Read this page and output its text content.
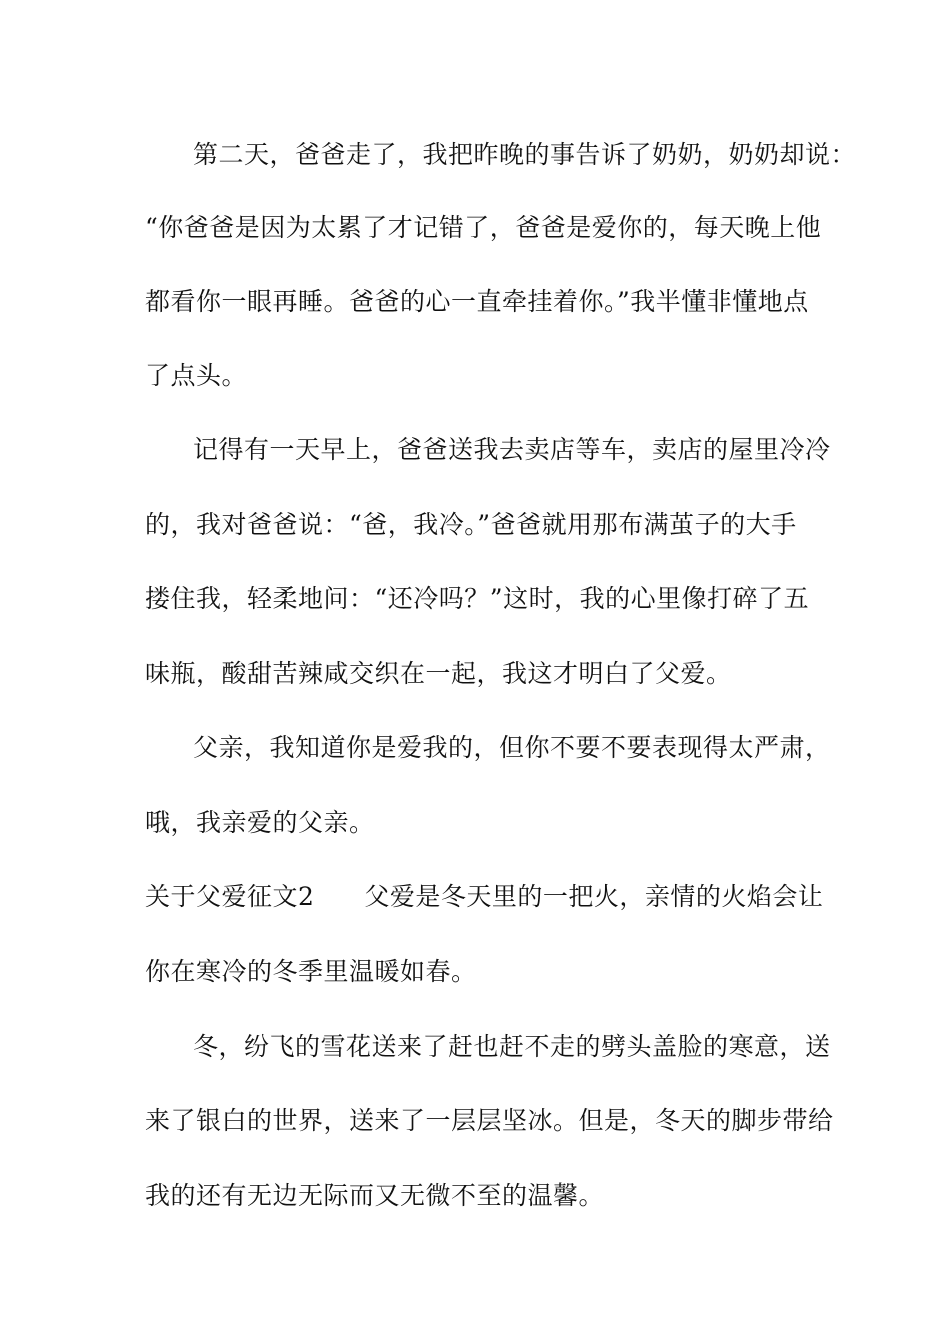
第二天，爸爸走了，我把昨晚的事告诉了奶奶，奶奶却说：
“你爸爸是因为太累了才记错了，爸爸是爱你的，每天晚上他
都看你一眼再睡。爸爸的心一直牵挂着你。”我半懂非懂地点
了点头。
记得有一天早上，爸爸送我去卖店等车，卖店的屋里冷冷
的，我对爸爸说：“爸，我冷。”爸爸就用那布满茧子的大手
搂住我，轻柔地问：“还冷吗？”这时，我的心里像打碎了五
味瓶，酸甜苦辣咸交织在一起，我这才明白了父爱。
父亲，我知道你是爱我的，但你不要不要表现得太严肃，
哦，我亲爱的父亲。
关于父爱征文2 父爱是冬天里的一把火，亲情的火焰会让
你在寒冷的冬季里温暖如春。
冬，纷飞的雪花送来了赶也赶不走的劈头盖脸的寒意，送
来了银白的世界，送来了一层层坚冰。但是，冬天的脚步带给
我的还有无边无际而又无微不至的温馨。
